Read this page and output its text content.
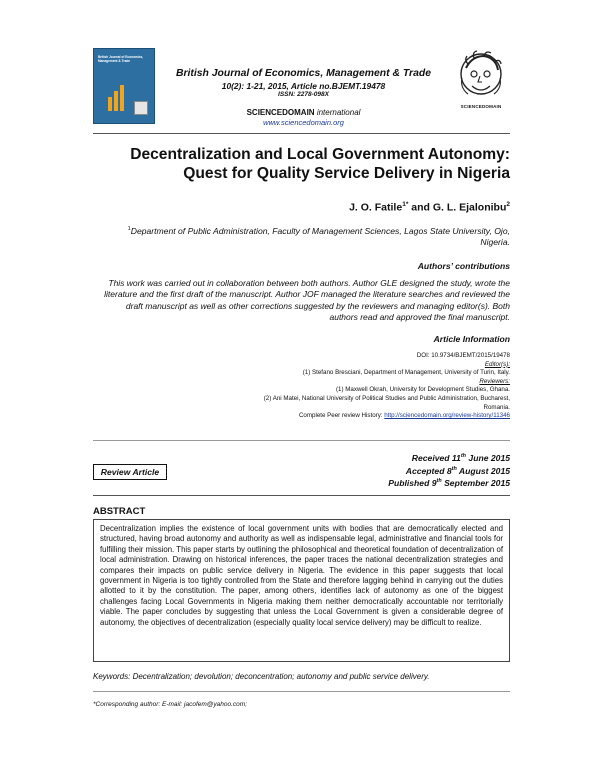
British Journal of Economics, Management & Trade
British Journal of Economics, Management & Trade
10(2): 1-21, 2015, Article no.BJEMT.19478
ISSN: 2278-098X
SCIENCEDOMAIN international
www.sciencedomain.org
SCIENCEDOMAIN
Decentralization and Local Government Autonomy:
Quest for Quality Service Delivery in Nigeria
J. O. Fatile$^{1*}$ and G. L. Ejalonibu$^2$
$^1$Department of Public Administration, Faculty of Management Sciences, Lagos State University, Ojo, Nigeria.
Authors’ contributions
This work was carried out in collaboration between both authors. Author GLE designed the study, wrote the literature and the first draft of the manuscript. Author JOF managed the literature searches and reviewed the draft manuscript as well as other corrections suggested by the reviewers and managing editor(s). Both authors read and approved the final manuscript.
Article Information
DOI: 10.9734/BJEMT/2015/19478
Editor(s):
(1) Stefano Bresciani, Department of Management, University of Turin, Italy.
Reviewers:
(1) Maxwell Okrah, University for Development Studies, Ghana.
(2) Ani Matei, National University of Political Studies and Public Administration, Bucharest,
Romania.
Complete Peer review History: http://sciencedomain.org/review-history/11346
Received 11th June 2015
Accepted 8th August 2015
Published 9th September 2015
Review Article
ABSTRACT
Decentralization implies the existence of local government units with bodies that are democratically elected and structured, having broad autonomy and authority as well as indispensable legal, administrative and financial tools for fulfilling their mission. This paper starts by outlining the philosophical and theoretical foundation of decentralization of local administration. Drawing on historical inferences, the paper traces the national decentralization strategies and compares their impacts on public service delivery in Nigeria. The evidence in this paper suggests that local government in Nigeria is too tightly controlled from the State and therefore lagging behind in carrying out the duties allotted to it by the constitution. The paper, among others, identifies lack of autonomy as one of the biggest challenges facing Local Governments in Nigeria making them neither democratically accountable nor territorially viable. The paper concludes by suggesting that unless the Local Government is given a considerable degree of autonomy, the objectives of decentralization (especially quality local service delivery) may be difficult to realize.
Keywords: Decentralization; devolution; deconcentration; autonomy and public service delivery.
*Corresponding author: E-mail: jacofem@yahoo.com;
